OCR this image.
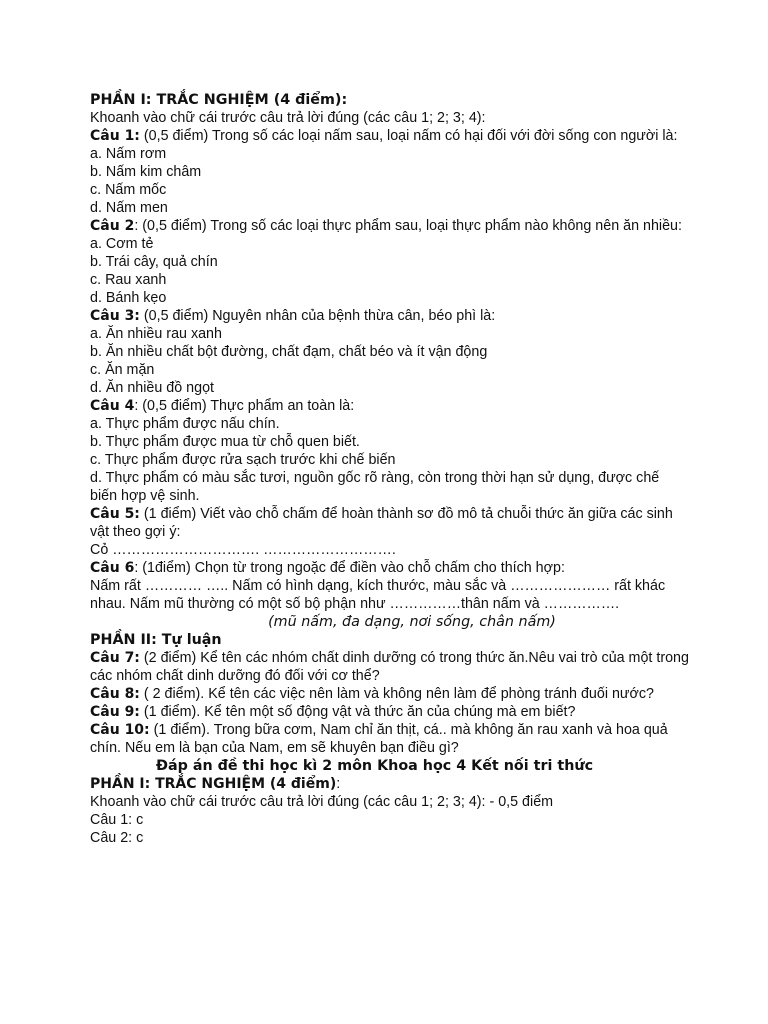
PHẦN I: TRẮC NGHIỆM (4 điểm):

Khoanh vào chữ cái trước câu trả lời đúng (các câu 1; 2; 3; 4):

Câu 1: (0,5 điểm) Trong số các loại nấm sau, loại nấm có hại đối với đời sống con người là:

a. Nấm rơm

b. Nấm kim châm

c. Nấm mốc

d. Nấm men

Câu 2: (0,5 điểm) Trong số các loại thực phẩm sau, loại thực phẩm nào không nên ăn nhiều:

a. Cơm tẻ

b. Trái cây, quả chín

c. Rau xanh

d. Bánh kẹo

Câu 3: (0,5 điểm) Nguyên nhân của bệnh thừa cân, béo phì là:

a. Ăn nhiều rau xanh

b. Ăn nhiều chất bột đường, chất đạm, chất béo và ít vận động

c. Ăn mặn

d. Ăn nhiều đồ ngọt

Câu 4: (0,5 điểm) Thực phẩm an toàn là:

a. Thực phẩm được nấu chín.

b. Thực phẩm được mua từ chỗ quen biết.

c. Thực phẩm được rửa sạch trước khi chế biến

d. Thực phẩm có màu sắc tươi, nguồn gốc rõ ràng, còn trong thời hạn sử dụng, được chế biến hợp vệ sinh.

Câu 5: (1 điểm) Viết vào chỗ chấm để hoàn thành sơ đồ mô tả chuỗi thức ăn giữa các sinh vật theo gợi ý:

Cỏ …………………………. ……………………….

Câu 6: (1điểm) Chọn từ trong ngoặc để điền vào chỗ chấm cho thích hợp:

Nấm rất ………… ….. Nấm có hình dạng, kích thước, màu sắc và ………………… rất khác nhau. Nấm mũ thường có một số bộ phận như ……………thân nấm và …………….

(mũ nấm, đa dạng, nơi sống, chân nấm)

PHẦN II: Tự luận

Câu 7: (2 điểm) Kể tên các nhóm chất dinh dưỡng có trong thức ăn.Nêu vai trò của một trong các nhóm chất dinh dưỡng đó đối với cơ thể?

Câu 8: ( 2 điểm). Kể tên các việc nên làm và không nên làm để phòng tránh đuối nước?

Câu 9: (1 điểm). Kể tên một số động vật và thức ăn của chúng mà em biết?

Câu 10: (1 điểm). Trong bữa cơm, Nam chỉ ăn thịt, cá.. mà không ăn rau xanh và hoa quả chín. Nếu em là bạn của Nam, em sẽ khuyên bạn điều gì?

Đáp án đề thi học kì 2 môn Khoa học 4 Kết nối tri thức

PHẦN I: TRẮC NGHIỆM (4 điểm):

Khoanh vào chữ cái trước câu trả lời đúng (các câu 1; 2; 3; 4): - 0,5 điểm

Câu 1: c

Câu 2: c
